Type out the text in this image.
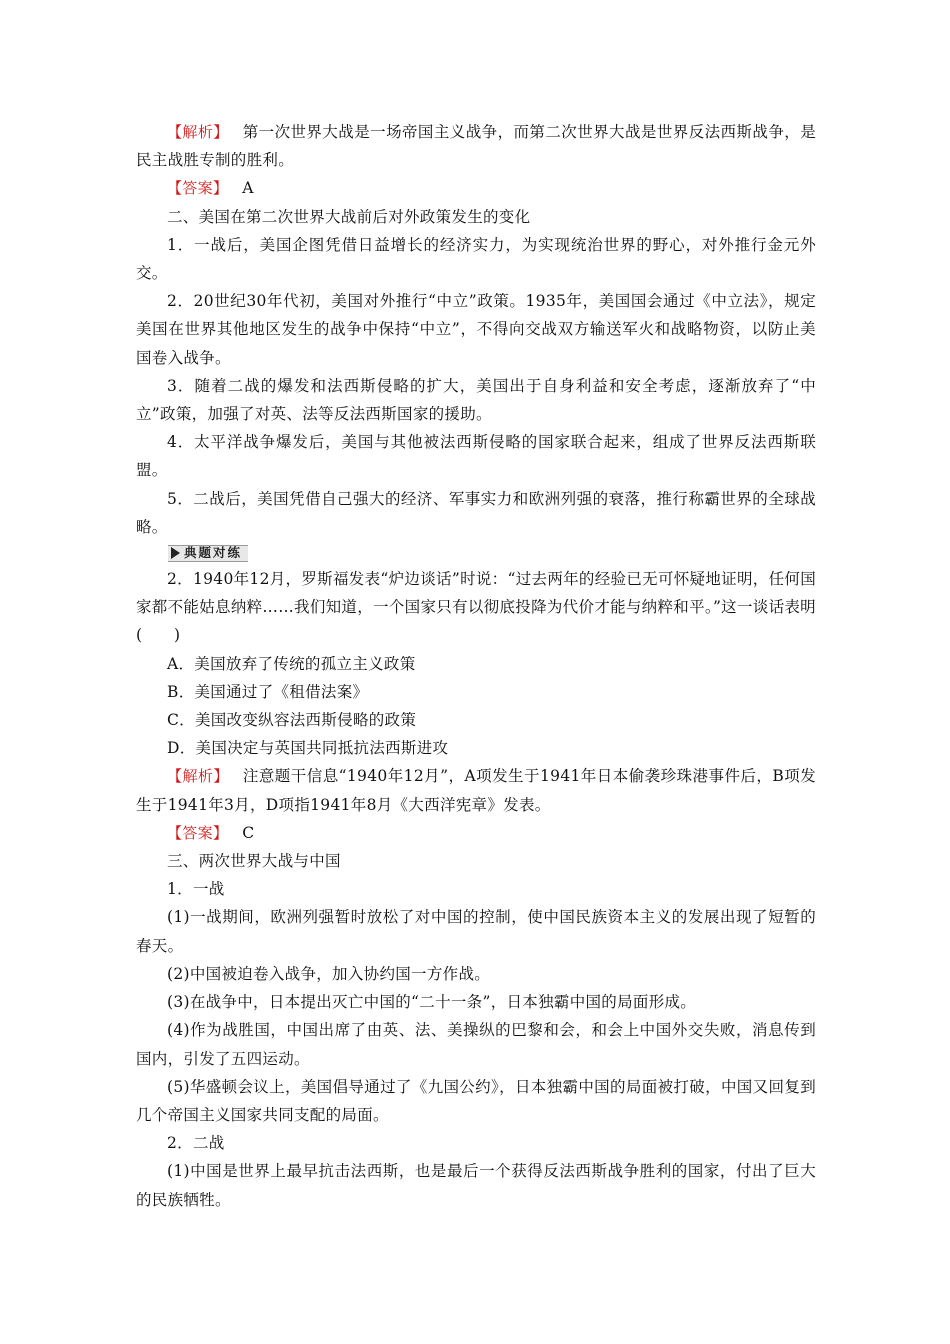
【解析】 第一次世界大战是一场帝国主义战争，而第二次世界大战是世界反法西斯战争，是民主战胜专制的胜利。

【答案】 A

二、美国在第二次世界大战前后对外政策发生的变化

1．一战后，美国企图凭借日益增长的经济实力，为实现统治世界的野心，对外推行金元外交。

2．20世纪30年代初，美国对外推行“中立”政策。1935年，美国国会通过《中立法》，规定美国在世界其他地区发生的战争中保持“中立”，不得向交战双方输送军火和战略物资，以防止美国卷入战争。

3．随着二战的爆发和法西斯侵略的扩大，美国出于自身利益和安全考虑，逐渐放弃了“中立”政策，加强了对英、法等反法西斯国家的援助。

4．太平洋战争爆发后，美国与其他被法西斯侵略的国家联合起来，组成了世界反法西斯联盟。

5．二战后，美国凭借自己强大的经济、军事实力和欧洲列强的衰落，推行称霸世界的全球战略。

典题对练

2．1940年12月，罗斯福发表“炉边谈话”时说：“过去两年的经验已无可怀疑地证明，任何国家都不能姑息纳粹……我们知道，一个国家只有以彻底投降为代价才能与纳粹和平。”这一谈话表明(　　)

A．美国放弃了传统的孤立主义政策

B．美国通过了《租借法案》

C．美国改变纵容法西斯侵略的政策

D．美国决定与英国共同抵抗法西斯进攻

【解析】 注意题干信息“1940年12月”，A项发生于1941年日本偷袭珍珠港事件后，B项发生于1941年3月，D项指1941年8月《大西洋宪章》发表。

【答案】 C

三、两次世界大战与中国

1．一战

(1)一战期间，欧洲列强暂时放松了对中国的控制，使中国民族资本主义的发展出现了短暂的春天。

(2)中国被迫卷入战争，加入协约国一方作战。

(3)在战争中，日本提出灭亡中国的“二十一条”，日本独霸中国的局面形成。

(4)作为战胜国，中国出席了由英、法、美操纵的巴黎和会，和会上中国外交失败，消息传到国内，引发了五四运动。

(5)华盛顿会议上，美国倡导通过了《九国公约》，日本独霸中国的局面被打破，中国又回复到几个帝国主义国家共同支配的局面。

2．二战

(1)中国是世界上最早抗击法西斯，也是最后一个获得反法西斯战争胜利的国家，付出了巨大的民族牺牲。
